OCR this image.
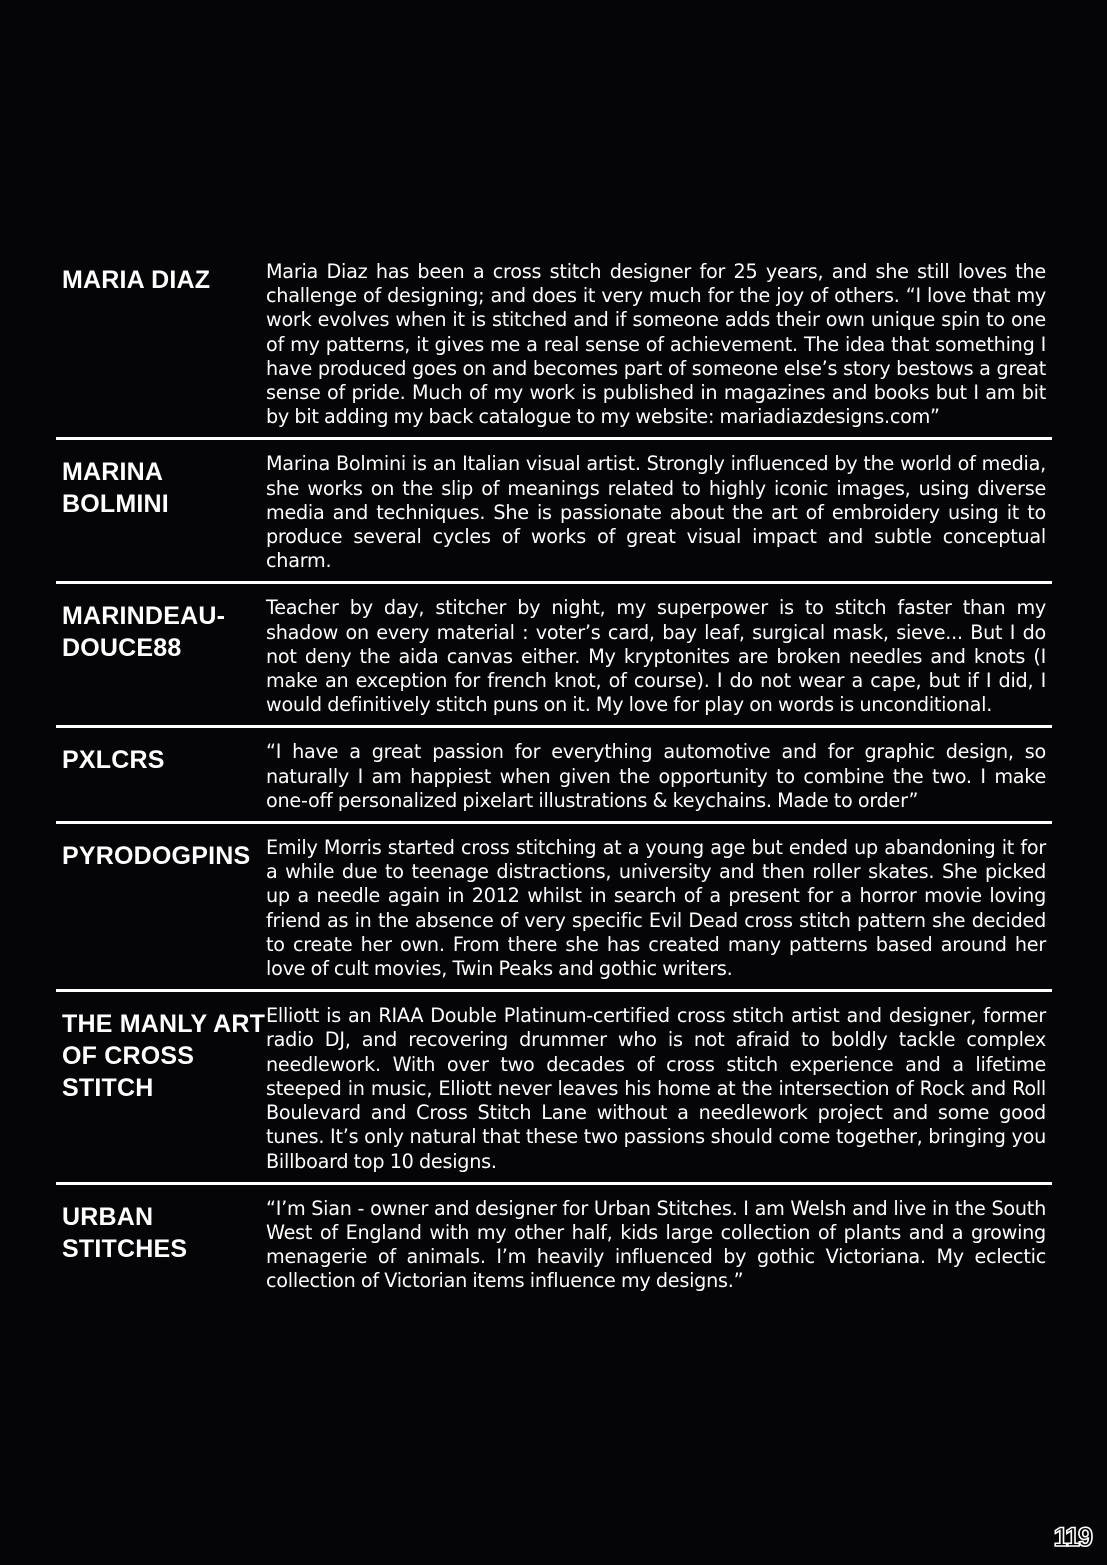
MARIA DIAZ	Maria Diaz has been a cross stitch designer for 25 years, and she still loves the challenge of designing; and does it very much for the joy of others. “I love that my work evolves when it is stitched and if someone adds their own unique spin to one of my patterns, it gives me a real sense of achievement. The idea that something I have produced goes on and becomes part of someone else’s story bestows a great sense of pride. Much of my work is published in magazines and books but I am bit by bit adding my back catalogue to my website: mariadiazdesigns.com”
MARINA BOLMINI
Marina Bolmini is an Italian visual artist. Strongly influenced by the world of media, she works on the slip of meanings related to highly iconic images, using diverse media and techniques. She is passionate about the art of embroidery using it to produce several cycles of works of great visual impact and subtle conceptual charm.
MARINDEAU-DOUCE88
Teacher by day, stitcher by night, my superpower is to stitch faster than my shadow on every material : voter’s card, bay leaf, surgical mask, sieve... But I do not deny the aida canvas either. My kryptonites are broken needles and knots (I make an exception for french knot, of course). I do not wear a cape, but if I did, I would definitively stitch puns on it. My love for play on words is unconditional.
PXLCRS	“I have a great passion for everything automotive and for graphic design, so naturally I am happiest when given the opportunity to combine the two. I make one-off personalized pixelart illustrations & keychains. Made to order”
PYRODOGPINS Emily Morris started cross stitching at a young age but ended up abandoning it for a while due to teenage distractions, university and then roller skates. She picked up a needle again in 2012 whilst in search of a present for a horror movie loving friend as in the absence of very specific Evil Dead cross stitch pattern she decided to create her own. From there she has created many patterns based around her love of cult movies, Twin Peaks and gothic writers.
THE MANLY ART OF CROSS STITCH
Elliott is an RIAA Double Platinum-certified cross stitch artist and designer, former radio DJ, and recovering drummer who is not afraid to boldly tackle complex needlework. With over two decades of cross stitch experience and a lifetime steeped in music, Elliott never leaves his home at the intersection of Rock and Roll Boulevard and Cross Stitch Lane without a needlework project and some good tunes. It’s only natural that these two passions should come together, bringing you Billboard top 10 designs.
URBAN STITCHES
“I’m Sian - owner and designer for Urban Stitches. I am Welsh and live in the South West of England with my other half, kids large collection of plants and a growing menagerie of animals. I’m heavily influenced by gothic Victoriana. My eclectic collection of Victorian items influence my designs.”
119
